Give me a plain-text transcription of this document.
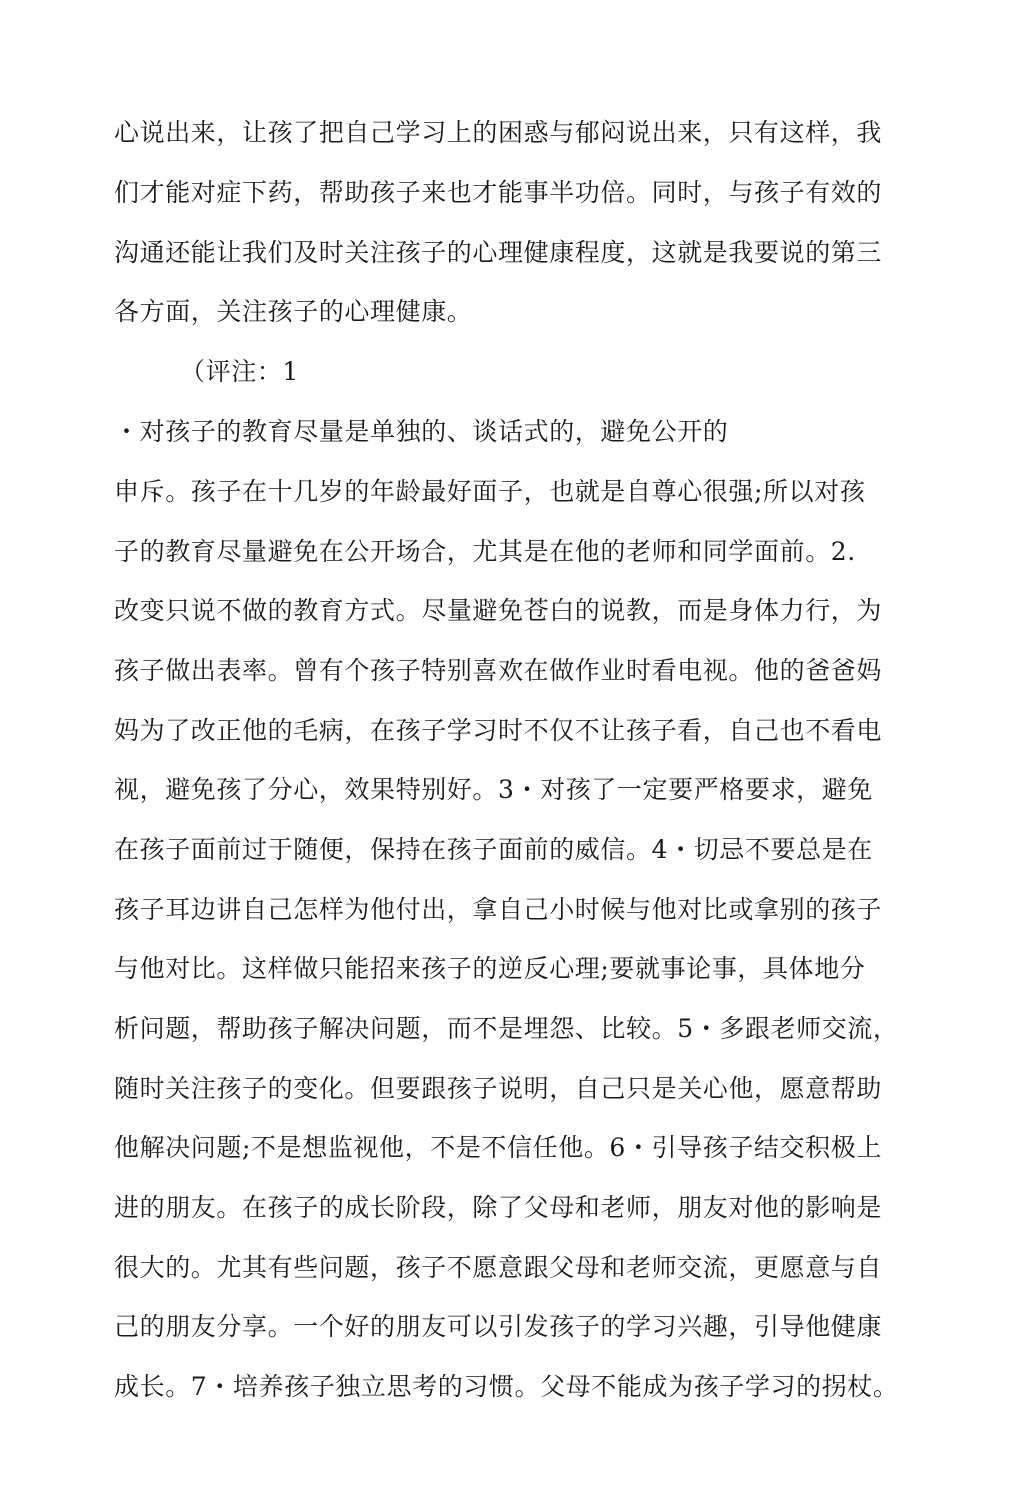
心说出来，让孩了把自己学习上的困惑与郁闷说出来，只有这样，我
们才能对症下药，帮助孩子来也才能事半功倍。同时，与孩子有效的
沟通还能让我们及时关注孩子的心理健康程度，这就是我要说的第三
各方面，关注孩子的心理健康。
（评注：1
・对孩子的教育尽量是单独的、谈话式的，避免公开的
申斥。孩子在十几岁的年龄最好面子，也就是自尊心很强;所以对孩
子的教育尽量避免在公开场合，尤其是在他的老师和同学面前。2.
改变只说不做的教育方式。尽量避免苍白的说教，而是身体力行，为
孩子做出表率。曾有个孩子特别喜欢在做作业时看电视。他的爸爸妈
妈为了改正他的毛病，在孩子学习时不仅不让孩子看，自己也不看电
视，避免孩了分心，效果特别好。3・对孩了一定要严格要求，避免
在孩子面前过于随便，保持在孩子面前的威信。4・切忌不要总是在
孩子耳边讲自己怎样为他付出，拿自己小时候与他对比或拿别的孩子
与他对比。这样做只能招来孩子的逆反心理;要就事论事，具体地分
析问题，帮助孩子解决问题，而不是埋怨、比较。5・多跟老师交流，
随时关注孩子的变化。但要跟孩子说明，自己只是关心他，愿意帮助
他解决问题;不是想监视他，不是不信任他。6・引导孩子结交积极上
进的朋友。在孩子的成长阶段，除了父母和老师，朋友对他的影响是
很大的。尤其有些问题，孩子不愿意跟父母和老师交流，更愿意与自
己的朋友分享。一个好的朋友可以引发孩子的学习兴趣，引导他健康
成长。7・培养孩子独立思考的习惯。父母不能成为孩子学习的拐杖。
